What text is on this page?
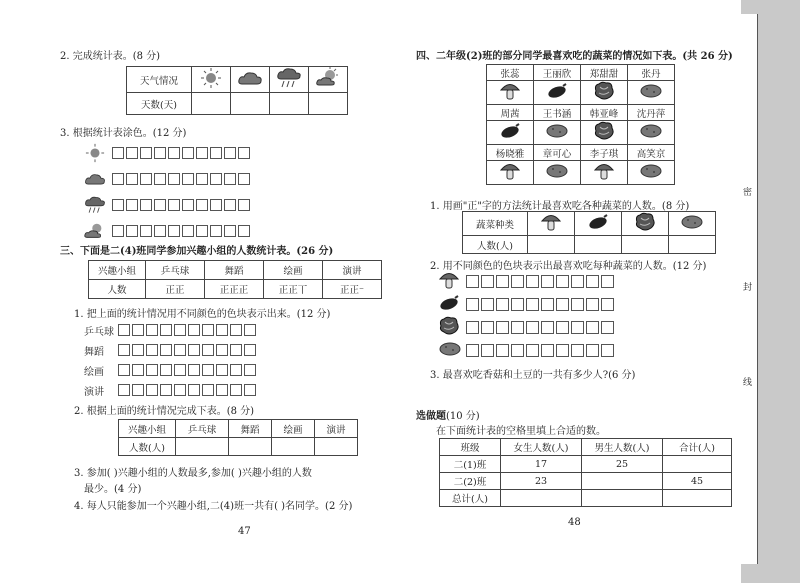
2. 完成统计表。(8 分)
天气情况				
天数(天)				
3. 根据统计表涂色。(12 分)
三、下面是二(4)班同学参加兴趣小组的人数统计表。(26 分)
兴趣小组	乒乓球	舞蹈	绘画	演讲
人数	正正	正正正	正正丅	正正⁻
1. 把上面的统计情况用不同颜色的色块表示出来。(12 分)
乒乓球
舞蹈
绘画
演讲
2. 根据上面的统计情况完成下表。(8 分)
兴趣小组	乒乓球	舞蹈	绘画	演讲
人数(人)				
3. 参加( )兴趣小组的人数最多,参加( )兴趣小组的人数
最少。(4 分)
4. 每人只能参加一个兴趣小组,二(4)班一共有( )名同学。(2 分)
47
四、二年级(2)班的部分同学最喜欢吃的蔬菜的情况如下表。(共 26 分)
张蕊	王丽欣	郑甜甜	张丹

周茜	王书涵	韩亚峰	沈丹萍

杨晓雅	章可心	李子琪	高笑京

1. 用画"正"字的方法统计最喜欢吃各种蔬菜的人数。(8 分)
蔬菜种类				
人数(人)				
2. 用不同颜色的色块表示出最喜欢吃每种蔬菜的人数。(12 分)
3. 最喜欢吃香菇和土豆的一共有多少人?(6 分)
选做题(10 分)
在下面统计表的空格里填上合适的数。
班级	女生人数(人)	男生人数(人)	合计(人)
二(1)班	17	25	
二(2)班	23		45
总计(人)			
48
密
封
线
